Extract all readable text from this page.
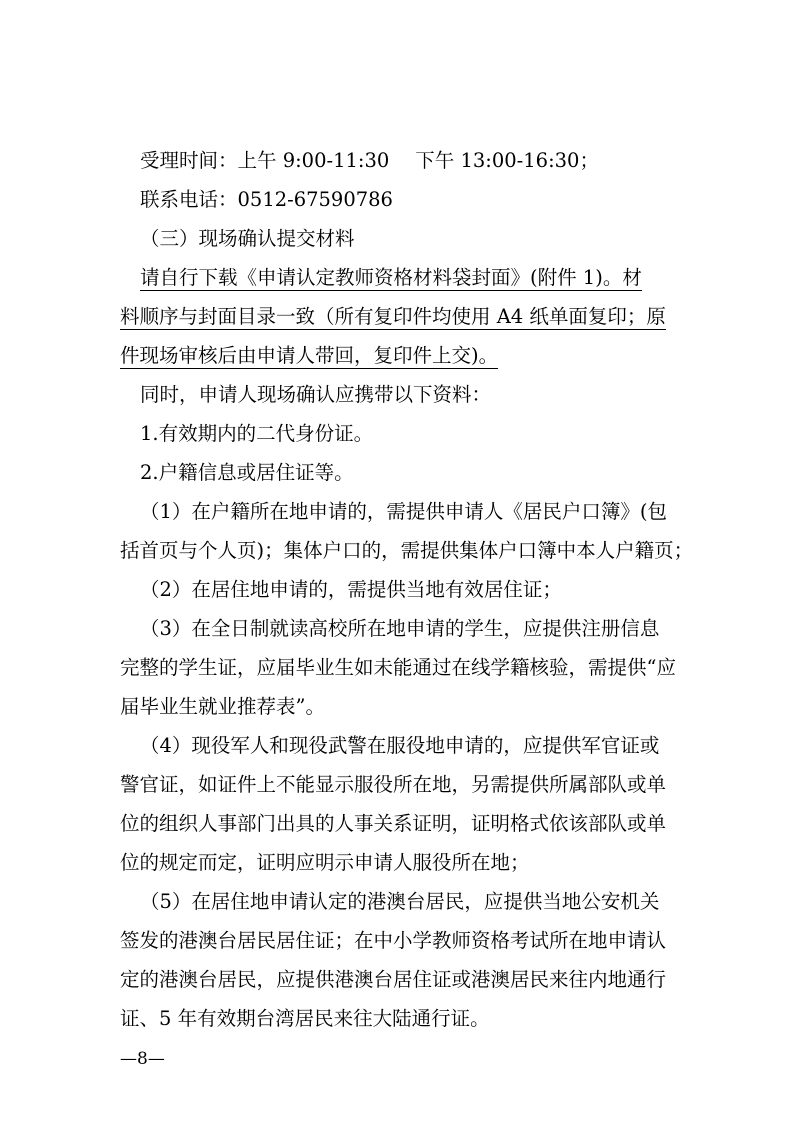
受理时间：上午 9:00-11:30 下午 13:00-16:30；
联系电话：0512-67590786
（三）现场确认提交材料
请自行下载《申请认定教师资格材料袋封面》(附件 1)。材
料顺序与封面目录一致（所有复印件均使用 A4 纸单面复印；原
件现场审核后由申请人带回，复印件上交)。
同时，申请人现场确认应携带以下资料：
1.有效期内的二代身份证。
2.户籍信息或居住证等。
（1）在户籍所在地申请的，需提供申请人《居民户口簿》(包
括首页与个人页)；集体户口的，需提供集体户口簿中本人户籍页；
（2）在居住地申请的，需提供当地有效居住证；
（3）在全日制就读高校所在地申请的学生，应提供注册信息
完整的学生证，应届毕业生如未能通过在线学籍核验，需提供“应
届毕业生就业推荐表”。
（4）现役军人和现役武警在服役地申请的，应提供军官证或
警官证，如证件上不能显示服役所在地，另需提供所属部队或单
位的组织人事部门出具的人事关系证明，证明格式依该部队或单
位的规定而定，证明应明示申请人服役所在地；
（5）在居住地申请认定的港澳台居民，应提供当地公安机关
签发的港澳台居民居住证；在中小学教师资格考试所在地申请认
定的港澳台居民，应提供港澳台居住证或港澳居民来往内地通行
证、5 年有效期台湾居民来往大陆通行证。
—8—
